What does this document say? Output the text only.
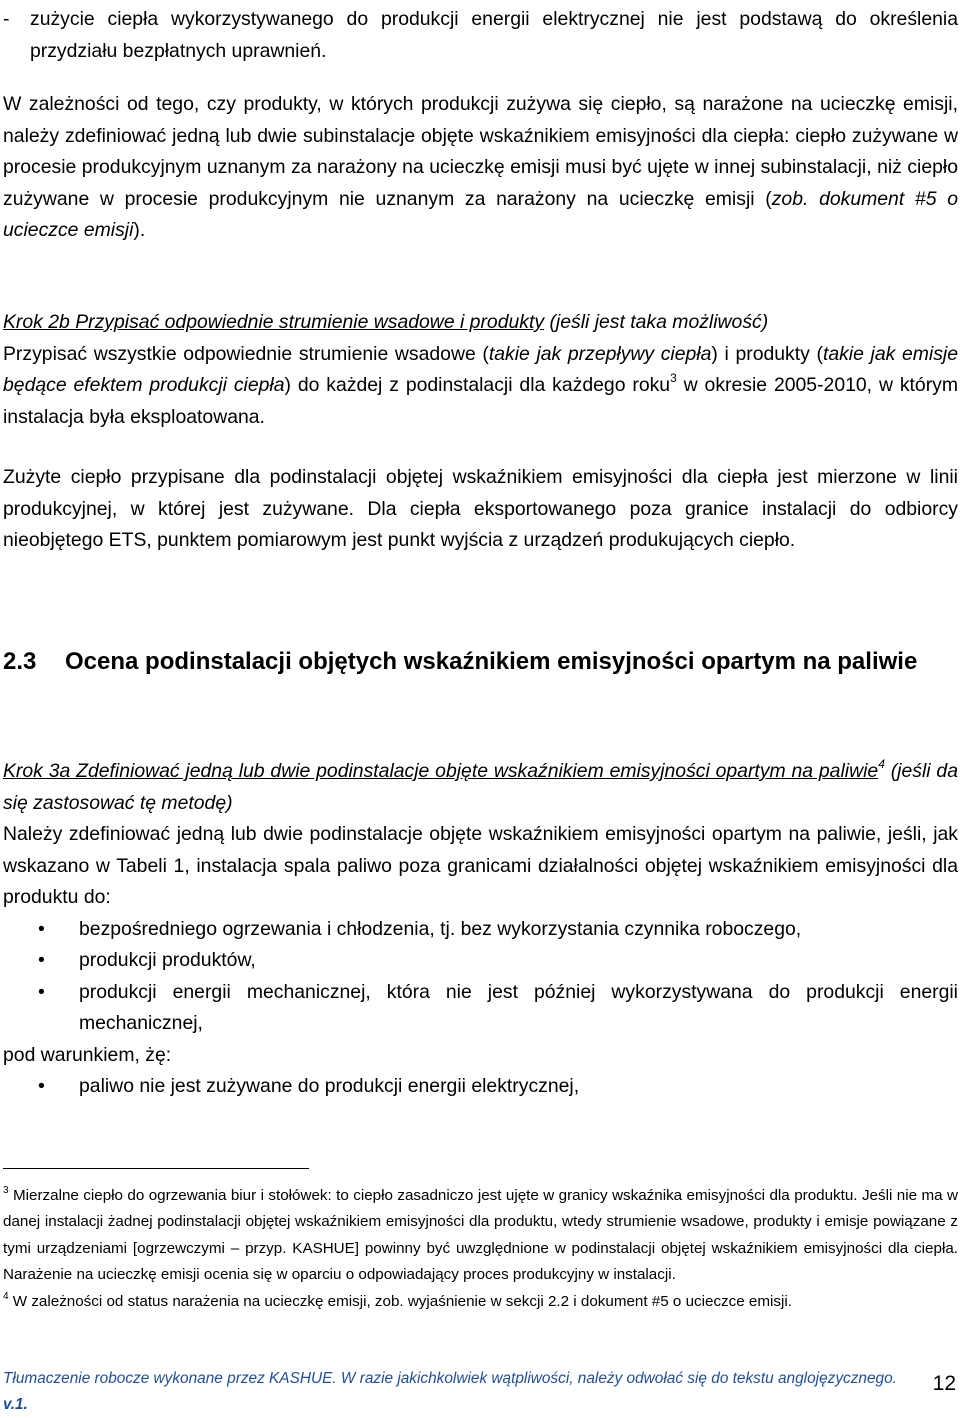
- zużycie ciepła wykorzystywanego do produkcji energii elektrycznej nie jest podstawą do określenia przydziału bezpłatnych uprawnień.

W zależności od tego, czy produkty, w których produkcji zużywa się ciepło, są narażone na ucieczkę emisji, należy zdefiniować jedną lub dwie subinstalacje objęte wskaźnikiem emisyjności dla ciepła: ciepło zużywane w procesie produkcyjnym uznanym za narażony na ucieczkę emisji musi być ujęte w innej subinstalacji, niż ciepło zużywane w procesie produkcyjnym nie uznanym za narażony na ucieczkę emisji (zob. dokument #5 o ucieczce emisji).

Krok 2b Przypisać odpowiednie strumienie wsadowe i produkty (jeśli jest taka możliwość)

Przypisać wszystkie odpowiednie strumienie wsadowe (takie jak przepływy ciepła) i produkty (takie jak emisje będące efektem produkcji ciepła) do każdej z podinstalacji dla każdego roku$^3$ w okresie 2005-2010, w którym instalacja była eksploatowana.

Zużyte ciepło przypisane dla podinstalacji objętej wskaźnikiem emisyjności dla ciepła jest mierzone w linii produkcyjnej, w której jest zużywane. Dla ciepła eksportowanego poza granice instalacji do odbiorcy nieobjętego ETS, punktem pomiarowym jest punkt wyjścia z urządzeń produkujących ciepło.

2.3 Ocena podinstalacji objętych wskaźnikiem emisyjności opartym na paliwie

Krok 3a Zdefiniować jedną lub dwie podinstalacje objęte wskaźnikiem emisyjności opartym na paliwie$^4$ (jeśli da się zastosować tę metodę)

Należy zdefiniować jedną lub dwie podinstalacje objęte wskaźnikiem emisyjności opartym na paliwie, jeśli, jak wskazano w Tabeli 1, instalacja spala paliwo poza granicami działalności objętej wskaźnikiem emisyjności dla produktu do:

• bezpośredniego ogrzewania i chłodzenia, tj. bez wykorzystania czynnika roboczego,
• produkcji produktów,
• produkcji energii mechanicznej, która nie jest później wykorzystywana do produkcji energii mechanicznej,

pod warunkiem, żę:

• paliwo nie jest zużywane do produkcji energii elektrycznej,

$^3$ Mierzalne ciepło do ogrzewania biur i stołówek: to ciepło zasadniczo jest ujęte w granicy wskaźnika emisyjności dla produktu. Jeśli nie ma w danej instalacji żadnej podinstalacji objętej wskaźnikiem emisyjności dla produktu, wtedy strumienie wsadowe, produkty i emisje powiązane z tymi urządzeniami [ogrzewczymi – przyp. KASHUE] powinny być uwzględnione w podinstalacji objętej wskaźnikiem emisyjności dla ciepła. Narażenie na ucieczkę emisji ocenia się w oparciu o odpowiadający proces produkcyjny w instalacji.

$^4$ W zależności od status narażenia na ucieczkę emisji, zob. wyjaśnienie w sekcji 2.2 i dokument #5 o ucieczce emisji.

Tłumaczenie robocze wykonane przez KASHUE. W razie jakichkolwiek wątpliwości, należy odwołać się do tekstu anglojęzycznego. v.1.
12
